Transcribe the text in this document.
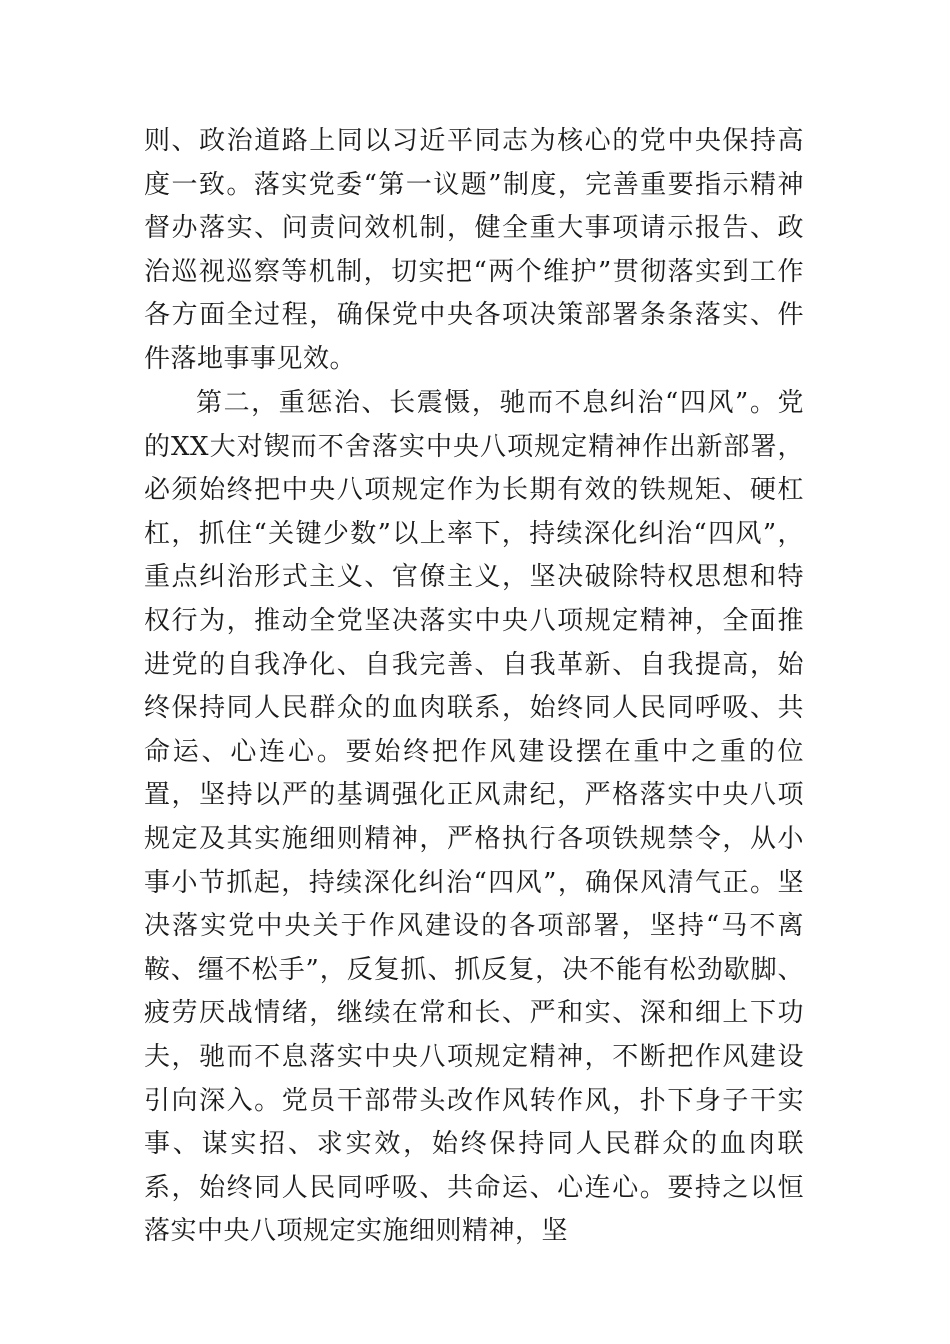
则、政治道路上同以习近平同志为核心的党中央保持高度一致。落实党委“第一议题”制度，完善重要指示精神督办落实、问责问效机制，健全重大事项请示报告、政治巡视巡察等机制，切实把“两个维护”贯彻落实到工作各方面全过程，确保党中央各项决策部署条条落实、件件落地事事见效。

第二，重惩治、长震慑，驰而不息纠治“四风”。党的XX大对锲而不舍落实中央八项规定精神作出新部署，必须始终把中央八项规定作为长期有效的铁规矩、硬杠杠，抓住“关键少数”以上率下，持续深化纠治“四风”，重点纠治形式主义、官僚主义，坚决破除特权思想和特权行为，推动全党坚决落实中央八项规定精神，全面推进党的自我净化、自我完善、自我革新、自我提高，始终保持同人民群众的血肉联系，始终同人民同呼吸、共命运、心连心。要始终把作风建设摆在重中之重的位置，坚持以严的基调强化正风肃纪，严格落实中央八项规定及其实施细则精神，严格执行各项铁规禁令，从小事小节抓起，持续深化纠治“四风”，确保风清气正。坚决落实党中央关于作风建设的各项部署，坚持“马不离鞍、缰不松手”，反复抓、抓反复，决不能有松劲歇脚、疲劳厌战情绪，继续在常和长、严和实、深和细上下功夫，驰而不息落实中央八项规定精神，不断把作风建设引向深入。党员干部带头改作风转作风，扑下身子干实事、谋实招、求实效，始终保持同人民群众的血肉联系，始终同人民同呼吸、共命运、心连心。要持之以恒落实中央八项规定实施细则精神，坚
